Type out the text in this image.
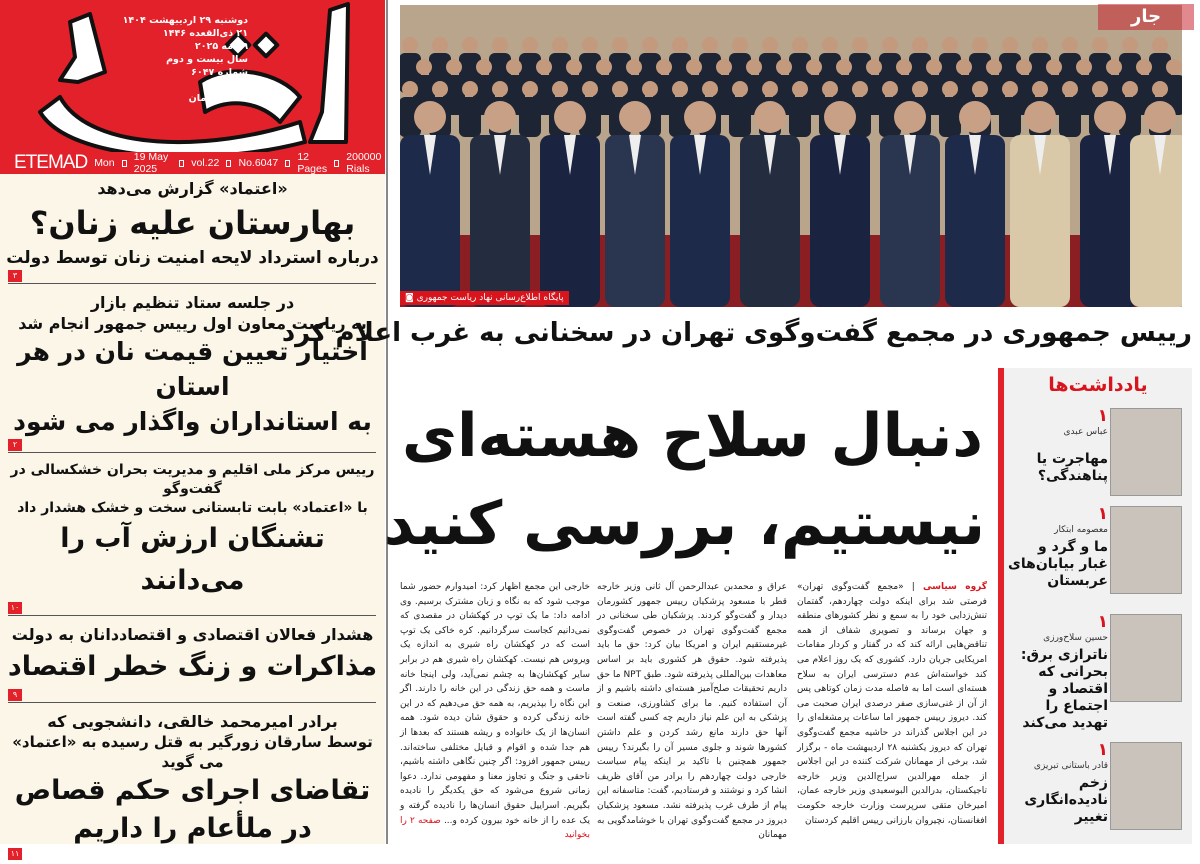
دوشنبه ۲۹ اردیبهشت ۱۴۰۴
۲۱ ذی‌القعده ۱۴۴۶
۱۹ مه ۲۰۲۵
سال بیست و دوم
شماره ۶۰۴۷
۱۲ صفحه
۲۰۰۰۰ تومان
ETEMAD Mon 19 May 2025	vol.22 No.6047 12 Pages
200000 Rials
«اعتماد» گزارش می‌دهد
بهارستان علیه زنان؟
درباره استرداد لایحه امنیت زنان توسط دولت
۳
در جلسه ستاد تنظیم بازار
به ریاست معاون اول رییس جمهور انجام شد
اختیار تعیین قیمت نان در هر استان
به استانداران واگذار می شود
۲
رییس مرکز ملی اقلیم و مدیریت بحران خشکسالی در گفت‌وگو
با «اعتماد» بابت تابستانی سخت و خشک هشدار داد
تشنگان ارزش آب را می‌دانند
۱۰
هشدار فعالان اقتصادی و اقتصاددانان به دولت
مذاکرات و زنگ خطر اقتصاد
۹
برادر امیرمحمد خالقی، دانشجویی که
توسط سارقان زورگیر به قتل رسیده به «اعتماد» می گوید
تقاضای اجرای حکم قصاص
در ملأعام را داریم
۱۱
پایگاه اطلاع‌رسانی نهاد ریاست جمهوری ◙
جار
رییس جمهوری در مجمع گفت‌وگوی تهران در سخنانی به غرب اعلام کرد
دنبال سلاح هسته‌ای
نیستیم، بررسی کنید
گروه سیاسی | «مجمع گفت‌وگوی تهران» فرصتی شد برای اینکه دولت چهاردهم، گفتمان تنش‌زدایی خود را به سمع و نظر کشورهای منطقه و جهان برساند و تصویری شفاف از همه تناقض‌هایی ارائه کند که در گفتار و کردار مقامات امریکایی جریان دارد. کشوری که یک روز اعلام می کند خواسته‌اش عدم دسترسی ایران به سلاح هسته‌ای است اما به فاصله مدت زمان کوتاهی پس از آن از غنی‌سازی صفر درصدی ایران صحبت می کند. دیروز رییس جمهور اما ساعات پرمشغله‌ای را در این اجلاس گذراند در حاشیه مجمع گفت‌وگوی تهران که دیروز یکشنبه ۲۸ اردیبهشت ماه - برگزار شد، برخی از مهمانان شرکت کننده در این اجلاس از جمله مهرالدین سراج‌الدین وزیر خارجه تاجیکستان، بدرالدین البوسعیدی وزیر خارجه عمان، امیرخان متقی سرپرست وزارت خارجه حکومت افغانستان، نچیروان بارزانی رییس اقلیم کردستان
عراق و محمدبن عبدالرحمن آل ثانی وزیر خارجه قطر با مسعود پزشکیان رییس جمهور کشورمان دیدار و گفت‌وگو کردند. پزشکیان طی سخنانی در مجمع گفت‌وگوی تهران در خصوص گفت‌وگوی غیرمستقیم ایران و امریکا بیان کرد: حق ما باید پذیرفته شود. حقوق هر کشوری باید بر اساس معاهدات بین‌المللی پذیرفته شود. طبق NPT ما حق داریم تحقیقات صلح‌آمیز هسته‌ای داشته باشیم و از آن استفاده کنیم. ما برای کشاورزی، صنعت و پزشکی به این علم نیاز داریم چه کسی گفته است آنها حق دارند مانع رشد کردن و علم داشتن کشورها شوند و جلوی مسیر آن را بگیرند؟ رییس جمهور همچنین با تاکید بر اینکه پیام سیاست خارجی دولت چهاردهم را برادر من آقای ظریف انشا کرد و نوشتند و فرستادیم، گفت: متاسفانه این پیام از طرف غرب پذیرفته نشد. مسعود پزشکیان دیروز در مجمع گفت‌وگوی تهران با خوشامدگویی به مهمانان
خارجی این مجمع اظهار کرد: امیدوارم حضور شما موجب شود که به نگاه و زبان مشترک برسیم. وی ادامه داد: ما یک توپ در کهکشان در مقصدی که نمی‌دانیم کجاست سرگردانیم. کره خاکی یک توپ است که در کهکشان راه شیری به اندازه یک ویروس هم نیست. کهکشان راه شیری هم در برابر سایر کهکشان‌ها به چشم نمی‌آید، ولی اینجا خانه ماست و همه حق زندگی در این خانه را دارند. اگر این نگاه را بپذیریم، به همه حق می‌دهیم که در این خانه زندگی کرده و حقوق شان دیده شود. همه انسان‌ها از یک خانواده و ریشه هستند که بعدها از هم جدا شده و اقوام و قبایل مختلفی ساخته‌اند. رییس جمهور افزود: اگر چنین نگاهی داشته باشیم، ناحقی و جنگ و تجاوز معنا و مفهومی ندارد. دعوا زمانی شروع می‌شود که حق یکدیگر را نادیده بگیریم. اسراییل حقوق انسان‌ها را نادیده گرفته و یک عده را از خانه خود بیرون کرده و... صفحه ۲ را بخوانید
یادداشت‌ها
۱
عباس عبدی
مهاجرت یا پناهندگی؟
۱
معصومه ابتکار
ما و گرد و غبار بیابان‌های عربستان
۱
حسین سلاح‌ورزی
ناترازی برق: بحرانی که اقتصاد و اجتماع را تهدید می‌کند
۱
قادر باستانی تبریزی
زخم نادیده‌انگاری تغییر
